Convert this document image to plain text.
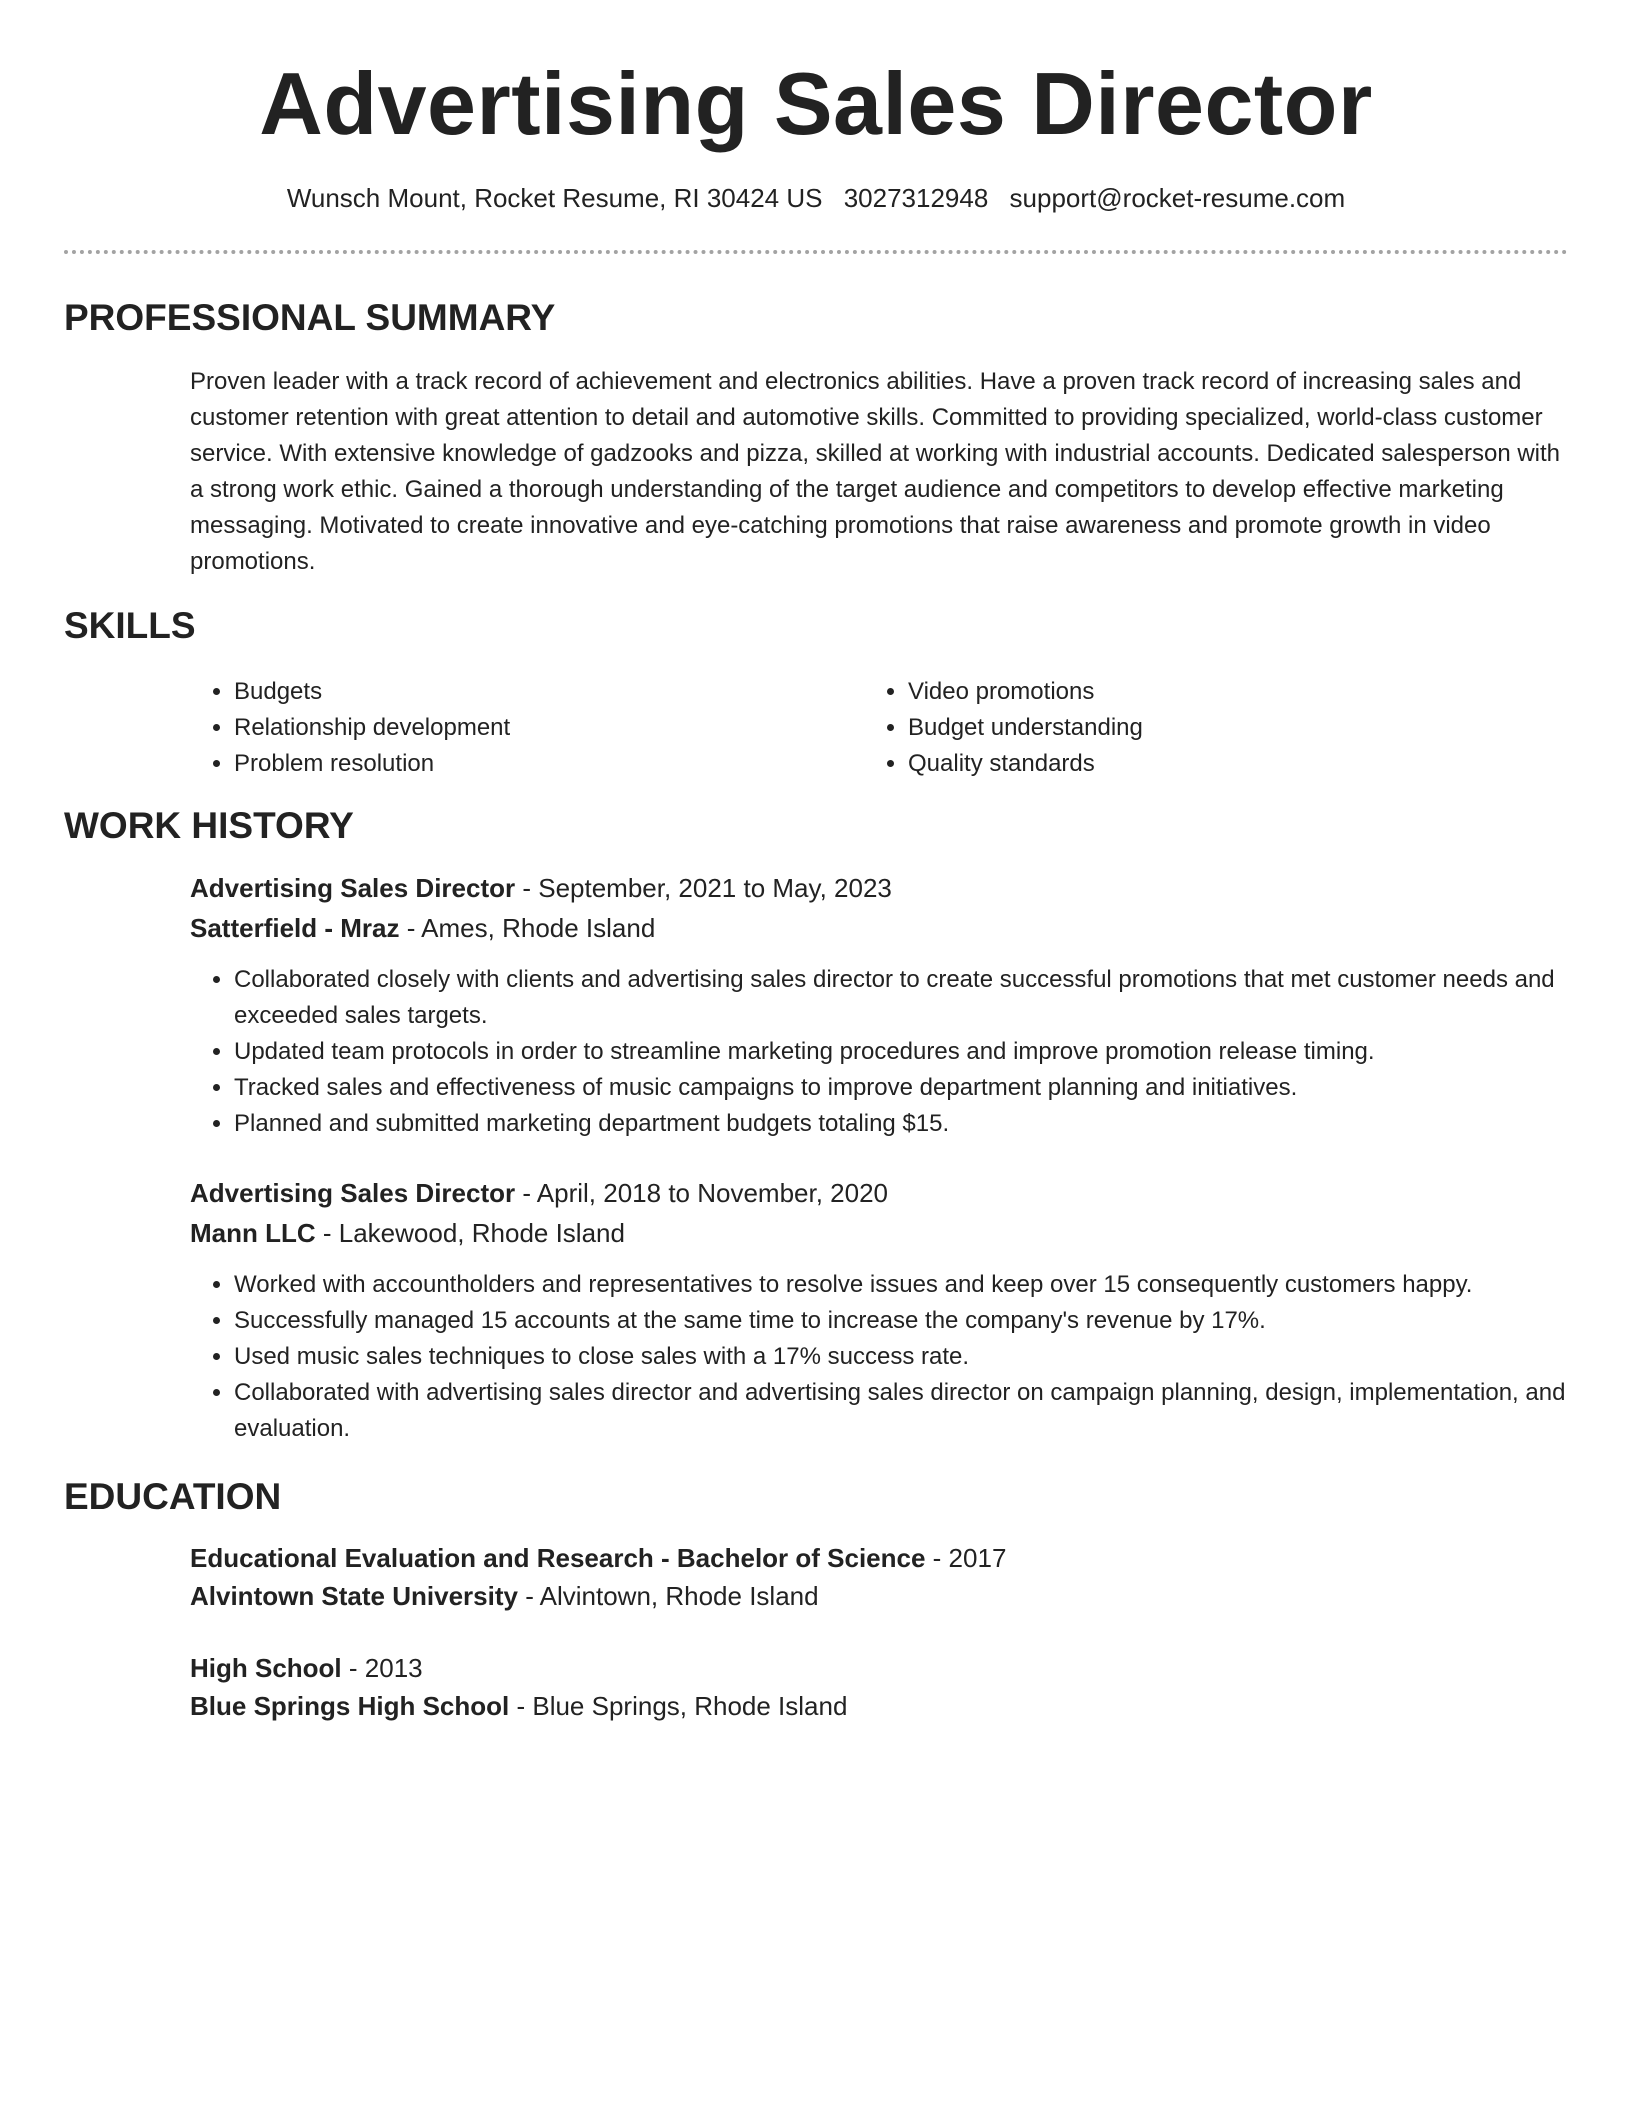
Advertising Sales Director
Wunsch Mount, Rocket Resume, RI 30424 US 3027312948 support@rocket-resume.com
PROFESSIONAL SUMMARY

Proven leader with a track record of achievement and electronics abilities. Have a proven track record of increasing sales and customer retention with great attention to detail and automotive skills. Committed to providing specialized, world-class customer service. With extensive knowledge of gadzooks and pizza, skilled at working with industrial accounts. Dedicated salesperson with a strong work ethic. Gained a thorough understanding of the target audience and competitors to develop effective marketing messaging. Motivated to create innovative and eye-catching promotions that raise awareness and promote growth in video promotions.

SKILLS
• Budgets
• Relationship development
• Problem resolution
• Video promotions
• Budget understanding
• Quality standards
WORK HISTORY
Advertising Sales Director - September, 2021 to May, 2023
Satterfield - Mraz - Ames, Rhode Island
• Collaborated closely with clients and advertising sales director to create successful promotions that met customer needs and exceeded sales targets.
• Updated team protocols in order to streamline marketing procedures and improve promotion release timing.
• Tracked sales and effectiveness of music campaigns to improve department planning and initiatives.
• Planned and submitted marketing department budgets totaling $15.
Advertising Sales Director - April, 2018 to November, 2020
Mann LLC - Lakewood, Rhode Island
• Worked with accountholders and representatives to resolve issues and keep over 15 consequently customers happy.
• Successfully managed 15 accounts at the same time to increase the company's revenue by 17%.
• Used music sales techniques to close sales with a 17% success rate.
• Collaborated with advertising sales director and advertising sales director on campaign planning, design, implementation, and evaluation.
EDUCATION
Educational Evaluation and Research - Bachelor of Science - 2017
Alvintown State University - Alvintown, Rhode Island
High School - 2013
Blue Springs High School - Blue Springs, Rhode Island
